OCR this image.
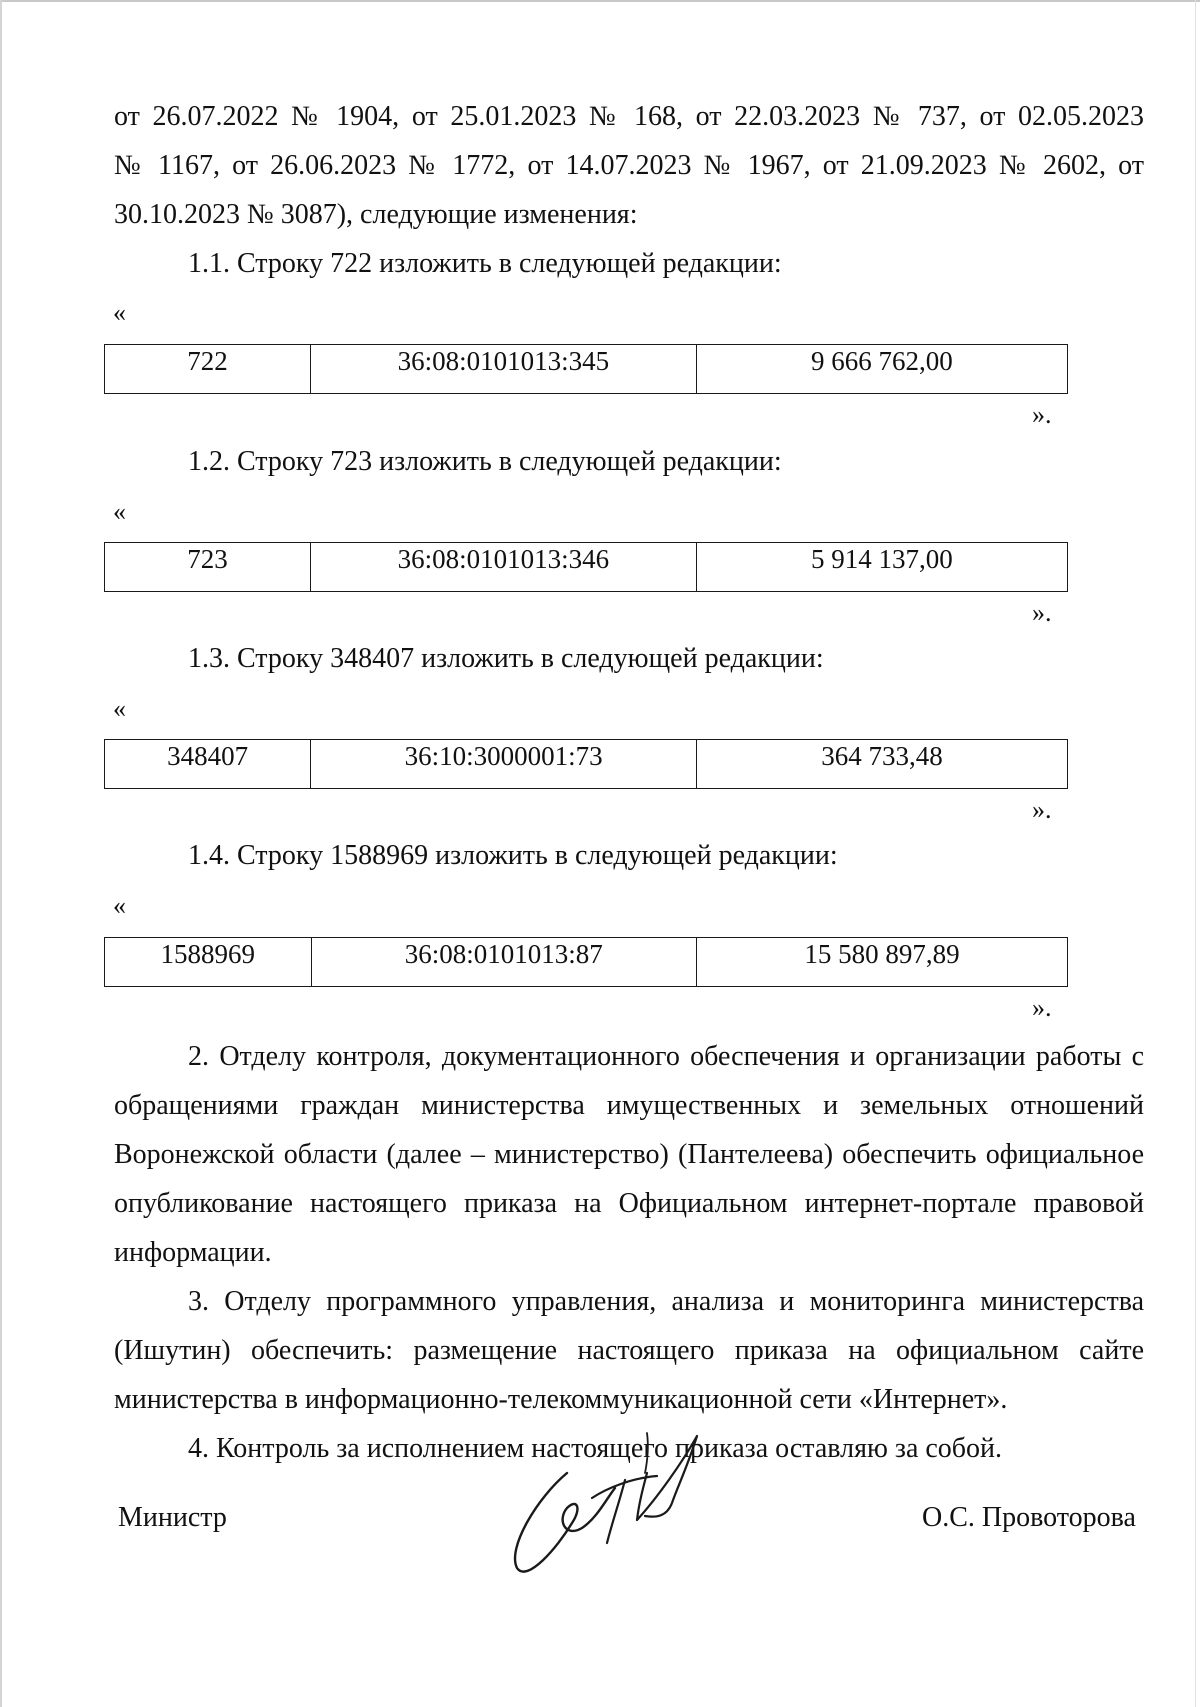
от 26.07.2022 № 1904, от 25.01.2023 № 168, от 22.03.2023 № 737, от 02.05.2023
№ 1167, от 26.06.2023 № 1772, от 14.07.2023 № 1967, от 21.09.2023 № 2602, от
30.10.2023 № 3087), следующие изменения:
1.1. Строку 722 изложить в следующей редакции:
«
722	36:08:0101013:345	9 666 762,00
».
1.2. Строку 723 изложить в следующей редакции:
«
723	36:08:0101013:346	5 914 137,00
».
1.3. Строку 348407 изложить в следующей редакции:
«
348407	36:10:3000001:73	364 733,48
».
1.4. Строку 1588969 изложить в следующей редакции:
«
1588969	36:08:0101013:87	15 580 897,89
».
2. Отделу контроля, документационного обеспечения и организации работы с
обращениями граждан министерства имущественных и земельных отношений
Воронежской области (далее – министерство) (Пантелеева) обеспечить официальное
опубликование настоящего приказа на Официальном интернет-портале правовой
информации.
3. Отделу программного управления, анализа и мониторинга министерства
(Ишутин) обеспечить: размещение настоящего приказа на официальном сайте
министерства в информационно-телекоммуникационной сети «Интернет».
4. Контроль за исполнением настоящего приказа оставляю за собой.
Министр	О.С. Провоторова
